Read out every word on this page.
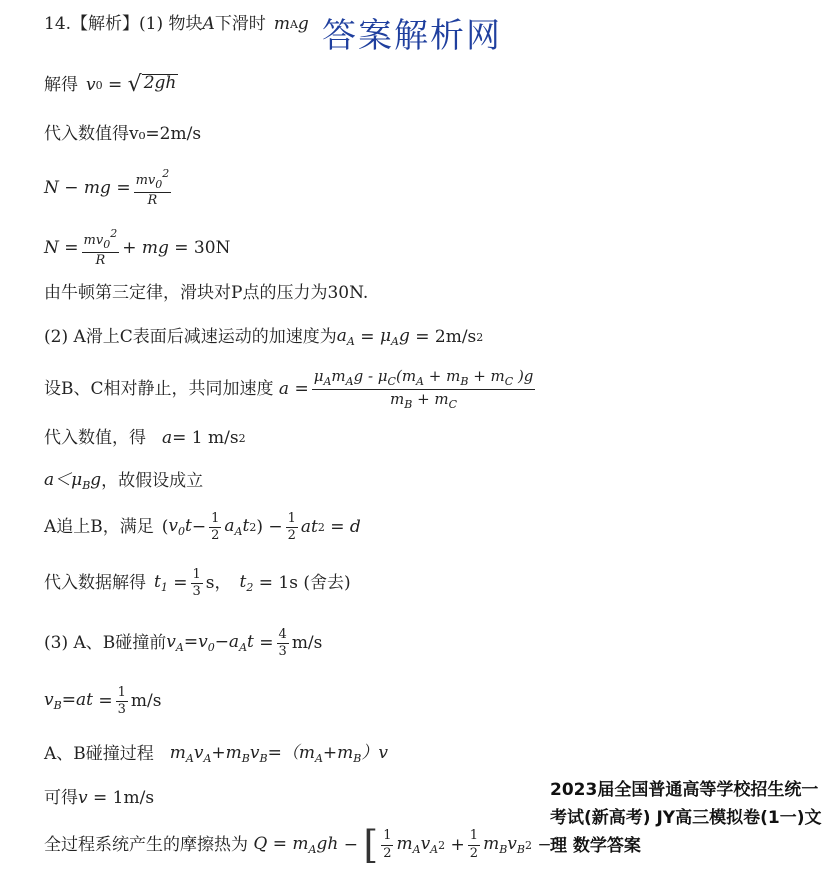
答案解析网
14.【解析】(1) 物块 A 下滑时 m A g
解得 v 0 = √ 2gh
代入数值得v₀=2m/s
N − mg = $\frac{mv_0^2}{R}$
$N = \frac{mv_0^2}{R}$ + mg
= 30N
由牛顿第三定律，滑块对P点的压力为30N.
(2) A滑上C表面后减速运动的加速度为 $a_A = \mu_Ag$
= 2m/s 2
设B、C相对静止，共同加速度 $a = \frac{\mu_Am_Ag - \mu_C(m_A + m_B + m_C )g}{m_B + m_C}$
代入数值，得 a = 1 m/s 2
$a<\mu_Bg$ ， 故假设成立
A追上B，满足 ( $v_0t - \frac{1}{2} a_At$ 2 ) − $\frac{1}{2}$ at 2 = d
代入数据解得 $t_1 = \frac{1}{3}$ s， $t_2$
= 1s
(舍去)
(3) A、B碰撞前 $v_A=v_0-a_At = \frac{4}{3} m/s$
$v_B=at = \frac{1}{3} m/s$
A、B碰撞过程 $m_Av_A+m_Bv_B=(m_A+m_B)v$
可得 v
= 1m/s
全过程系统产生的摩擦热为 $Q = m_Agh$ − [ $\frac{1}{2} m_Av_A$ $2 + \frac{1}{2} m_Bv_B$ 2 −
2023届全国普通高等学校招生统一考试(新高考) JY高三模拟卷(1一)文理 数学答案
